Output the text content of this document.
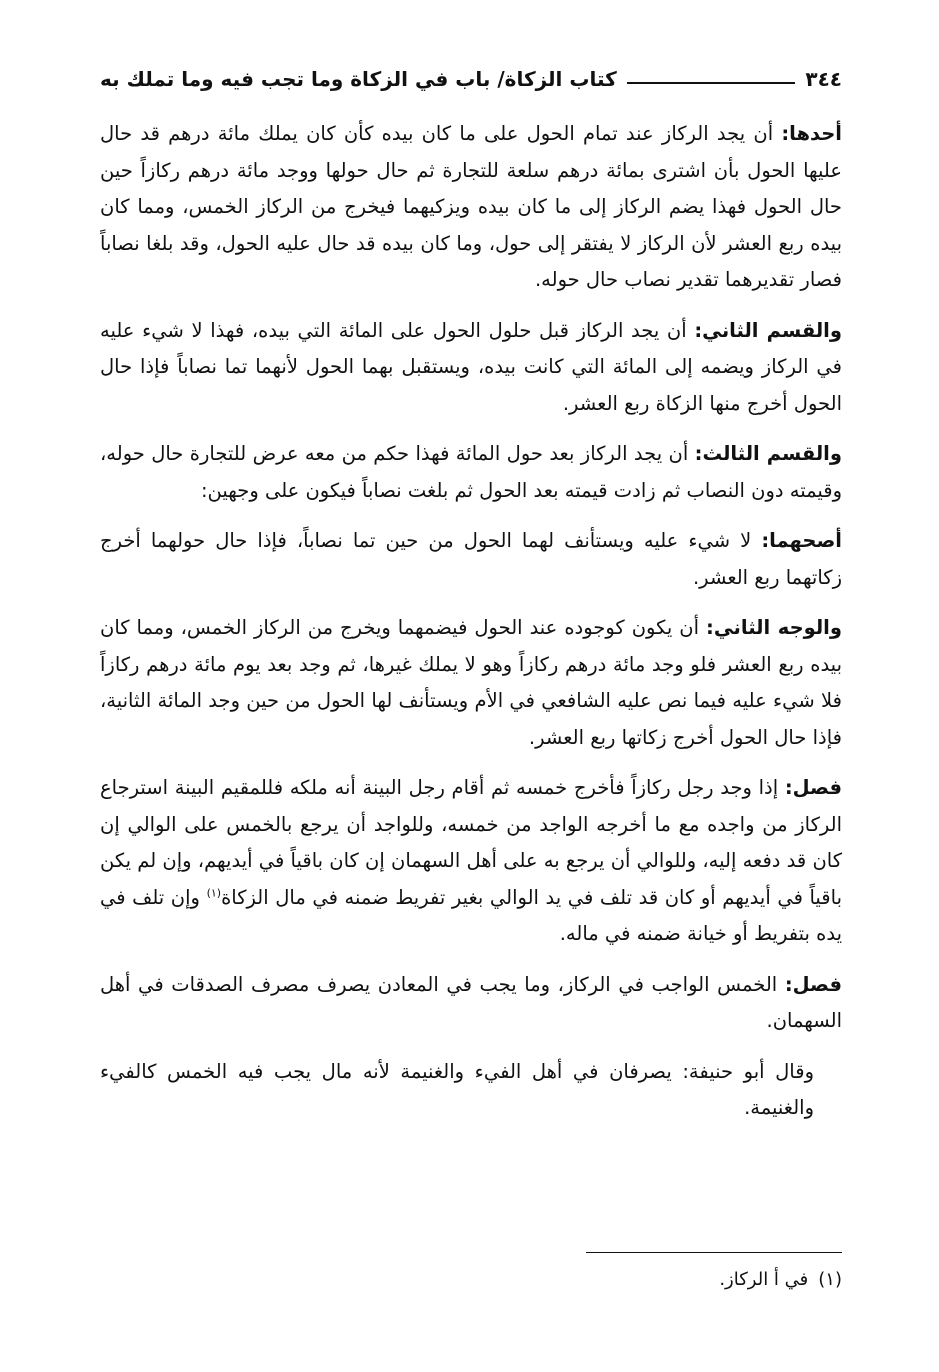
٣٤٤
كتاب الزكاة/ باب في الزكاة وما تجب فيه وما تملك به

أحدها: أن يجد الركاز عند تمام الحول على ما كان بيده كأن كان يملك مائة درهم قد حال عليها الحول بأن اشترى بمائة درهم سلعة للتجارة ثم حال حولها ووجد مائة درهم ركازاً حين حال الحول فهذا يضم الركاز إلى ما كان بيده ويزكيهما فيخرج من الركاز الخمس، ومما كان بيده ربع العشر لأن الركاز لا يفتقر إلى حول، وما كان بيده قد حال عليه الحول، وقد بلغا نصاباً فصار تقديرهما تقدير نصاب حال حوله.

والقسم الثاني: أن يجد الركاز قبل حلول الحول على المائة التي بيده، فهذا لا شيء عليه في الركاز ويضمه إلى المائة التي كانت بيده، ويستقبل بهما الحول لأنهما تما نصاباً فإذا حال الحول أخرج منها الزكاة ربع العشر.

والقسم الثالث: أن يجد الركاز بعد حول المائة فهذا حكم من معه عرض للتجارة حال حوله، وقيمته دون النصاب ثم زادت قيمته بعد الحول ثم بلغت نصاباً فيكون على وجهين:

أصحهما: لا شيء عليه ويستأنف لهما الحول من حين تما نصاباً، فإذا حال حولهما أخرج زكاتهما ربع العشر.

والوجه الثاني: أن يكون كوجوده عند الحول فيضمهما ويخرج من الركاز الخمس، ومما كان بيده ربع العشر فلو وجد مائة درهم ركازاً وهو لا يملك غيرها، ثم وجد بعد يوم مائة درهم ركازاً فلا شيء عليه فيما نص عليه الشافعي في الأم ويستأنف لها الحول من حين وجد المائة الثانية، فإذا حال الحول أخرج زكاتها ربع العشر.

فصل: إذا وجد رجل ركازاً فأخرج خمسه ثم أقام رجل البينة أنه ملكه فللمقيم البينة استرجاع الركاز من واجده مع ما أخرجه الواجد من خمسه، وللواجد أن يرجع بالخمس على الوالي إن كان قد دفعه إليه، وللوالي أن يرجع به على أهل السهمان إن كان باقياً في أيديهم، وإن لم يكن باقياً في أيديهم أو كان قد تلف في يد الوالي بغير تفريط ضمنه في مال الزكاة$^{(١)}$ وإن تلف في يده بتفريط أو خيانة ضمنه في ماله.

فصل: الخمس الواجب في الركاز، وما يجب في المعادن يصرف مصرف الصدقات في أهل السهمان.

وقال أبو حنيفة: يصرفان في أهل الفيء والغنيمة لأنه مال يجب فيه الخمس كالفيء والغنيمة.

(١)في أ الركاز.
